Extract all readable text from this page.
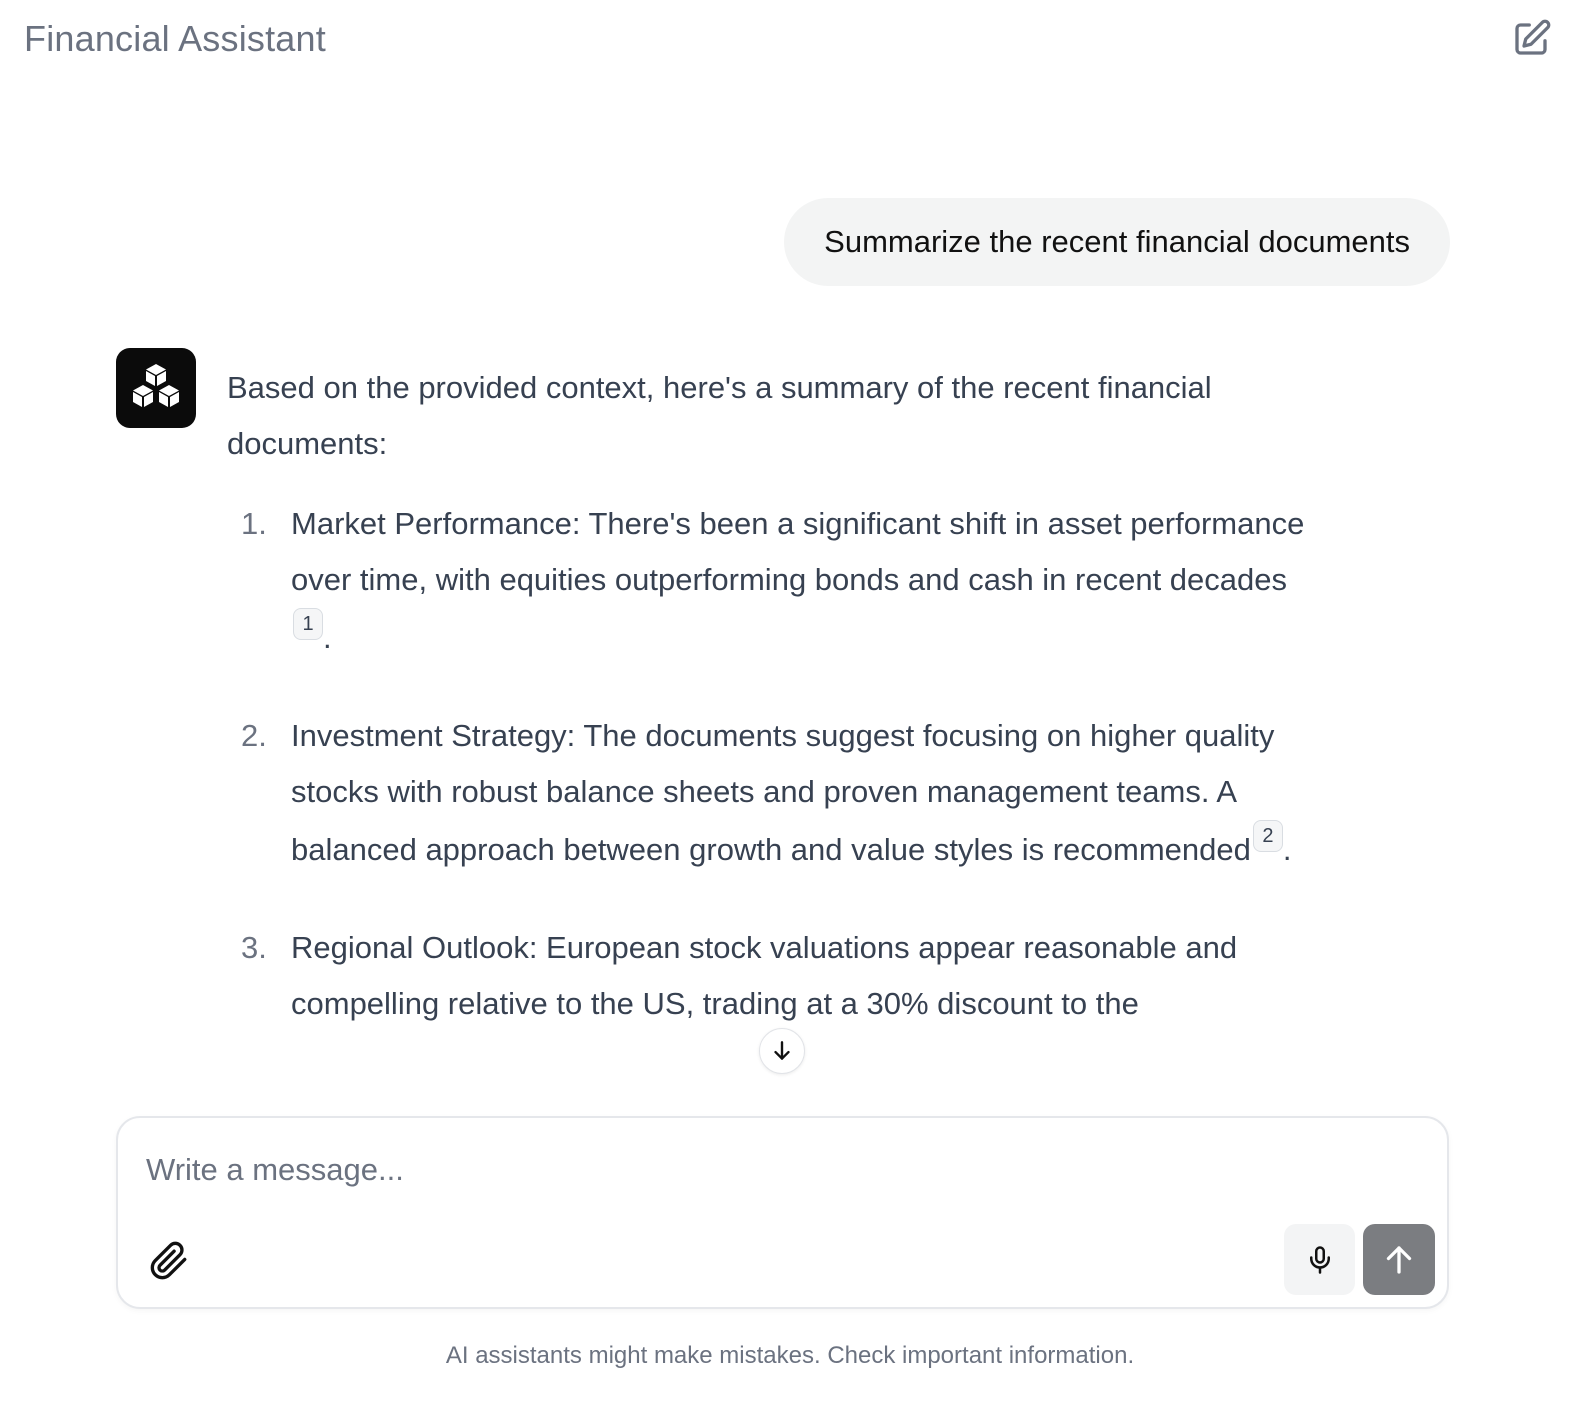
Financial Assistant
Summarize the recent financial documents

Based on the provided context, here's a summary of the recent financial documents:

1. Market Performance: There's been a significant shift in asset performance over time, with equities outperforming bonds and cash in recent decades1 .
2. Investment Strategy: The documents suggest focusing on higher quality stocks with robust balance sheets and proven management teams. A balanced approach between growth and value styles is recommended 2 .
3. Regional Outlook: European stock valuations appear reasonable and compelling relative to the US, trading at a 30% discount to the
Write a message...
AI assistants might make mistakes. Check important information.
